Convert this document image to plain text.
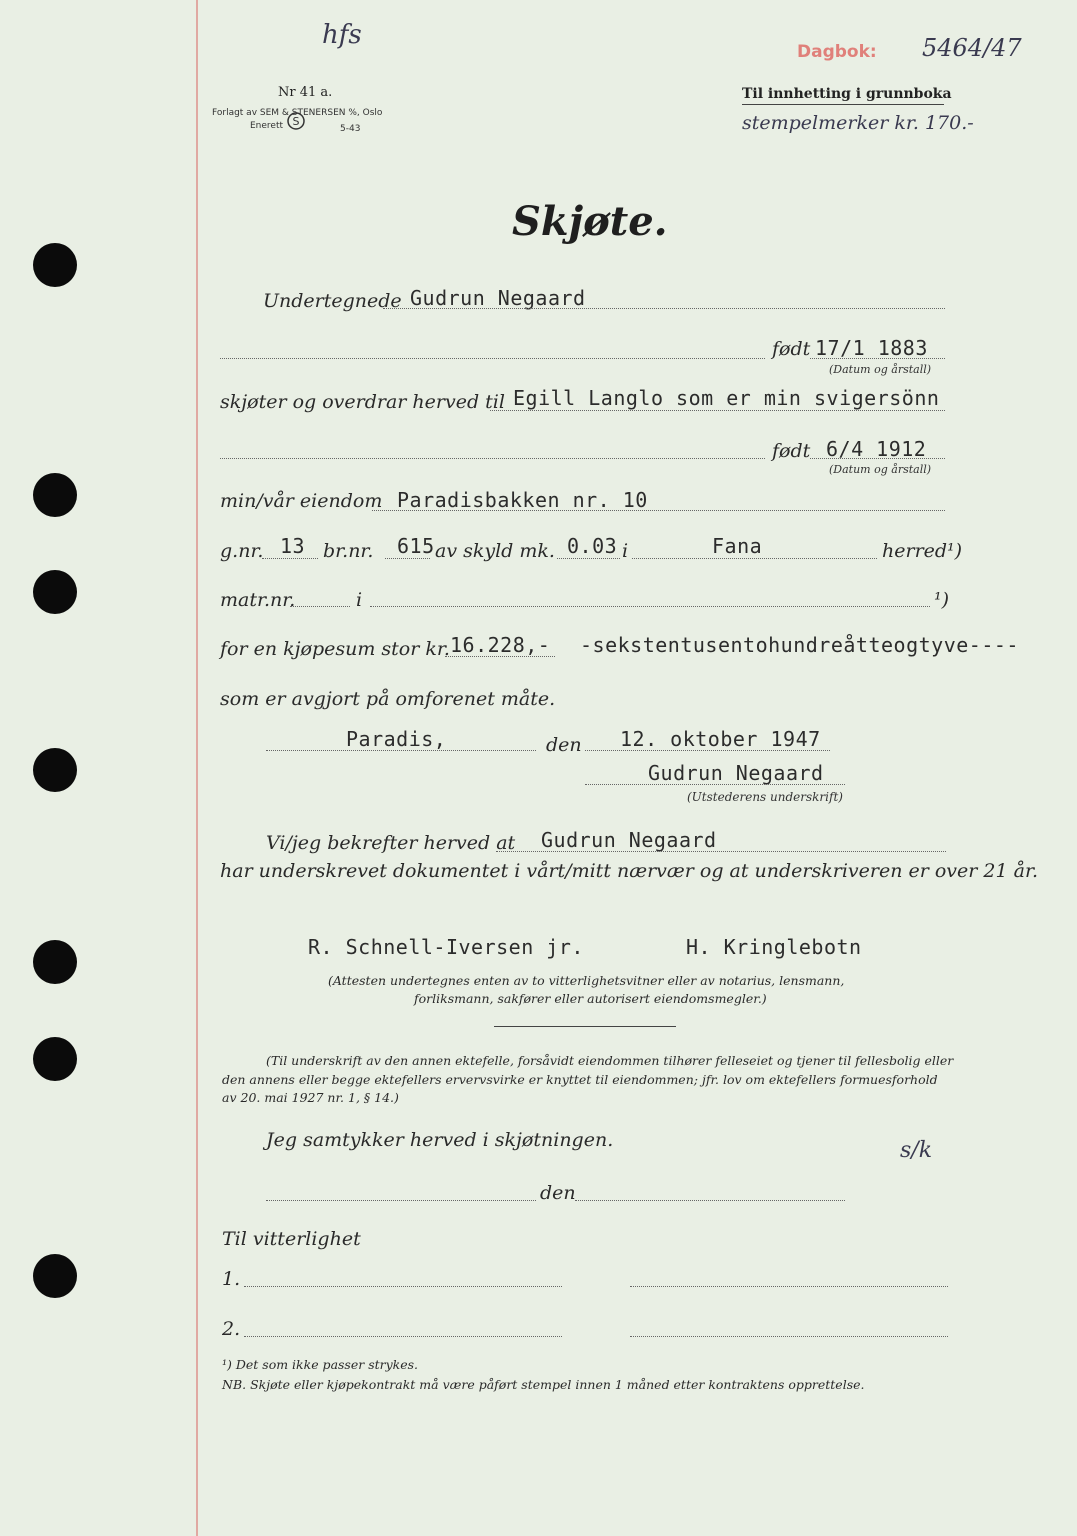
hfs
Nr 41 a.
Forlagt av SEM & STENERSEN %, Oslo
Enerett S
5-43
Dagbok: 5464/47
Til innhetting i grunnboka
stempelmerker kr. 170.-
Skjøte.
Undertegnede Gudrun Negaard
født 17/1 1883
(Datum og årstall)
skjøter og overdrar herved til Egill Langlo som er min svigersönn
født 6/4 1912
(Datum og årstall)
min/vår eiendom Paradisbakken nr. 10
g.nr. 13 br.nr. 615 av skyld mk. 0.03 i	Fana	herred¹)
matr.nr.	i	¹)
for en kjøpesum stor kr. 16.228,- -sekstentusentohundreåtteogtyve----
som er avgjort på omforenet måte.
Paradis,	den 12. oktober 1947
Gudrun Negaard
(Utstederens underskrift)
Vi/jeg bekrefter herved at Gudrun Negaard
har underskrevet dokumentet i vårt/mitt nærvær og at underskriveren er over 21 år.
R. Schnell-Iversen jr.	H. Kringlebotn
(Attesten undertegnes enten av to vitterlighetsvitner eller av notarius, lensmann,
forliksmann, sakfører eller autorisert eiendomsmegler.)
(Til underskrift av den annen ektefelle, forsåvidt eiendommen tilhører felleseiet og tjener til fellesbolig eller
den annens eller begge ektefellers ervervsvirke er knyttet til eiendommen; jfr. lov om ektefellers formuesforhold
av 20. mai 1927 nr. 1, § 14.)
Jeg samtykker herved i skjøtningen.	s/k
den
Til vitterlighet
1.
2.
¹) Det som ikke passer strykes.
NB. Skjøte eller kjøpekontrakt må være påført stempel innen 1 måned etter kontraktens opprettelse.
